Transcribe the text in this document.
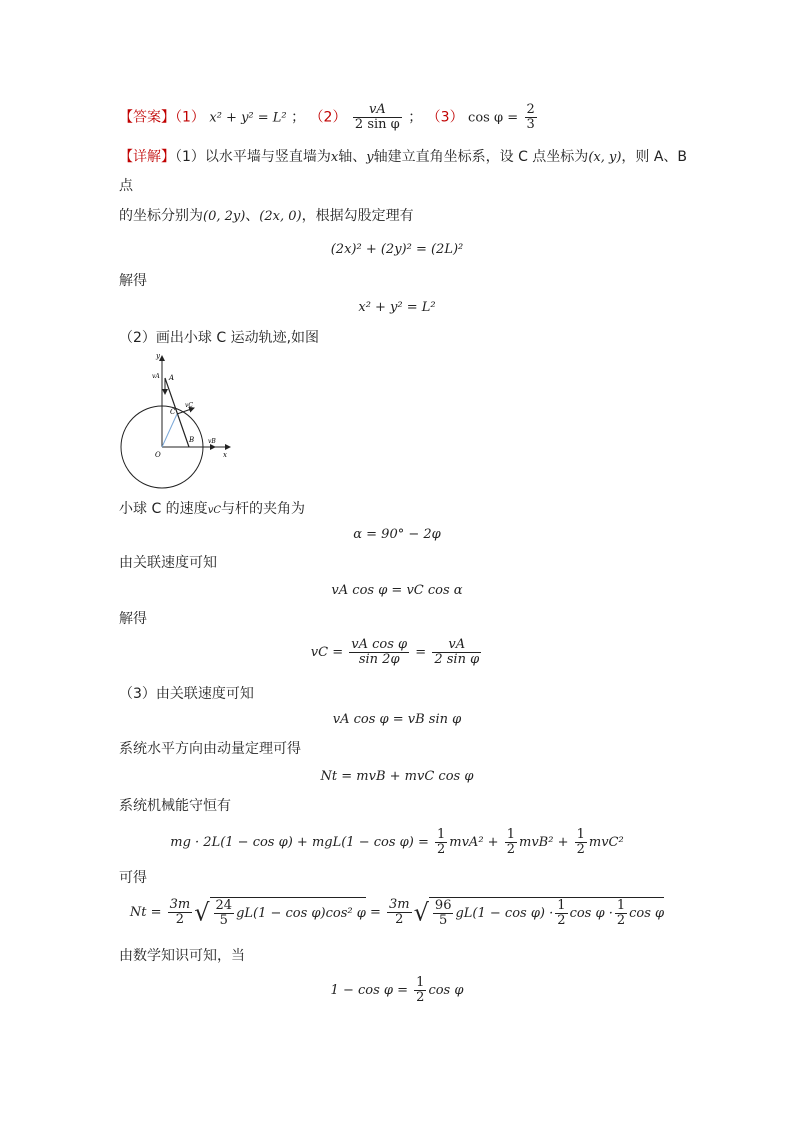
【答案】（1） x² + y² = L² ； $(2) \frac{vA}{\text{2 sin φ}}$ ； （3） $\cos \varphi = \frac{2}{3}$
【详解】（1）以水平墙与竖直墙为x轴、y轴建立直角坐标系，设 C 点坐标为(x, y)，则 A、B
点
的坐标分别为(0, 2y)、(2x, 0)，根据勾股定理有
(2x)² + (2y)² = (2L)²
解得
x² + y² = L²
（2）画出小球 C 运动轨迹,如图
y
x
O
A
B
C
vA
vB
vC
小球 C 的速度vC与杆的夹角为
α = 90° − 2φ
由关联速度可知
vA cos φ = vC cos α
解得
vC = $\frac{\text{vA cos φ}}{\sin 2\varphi} = \frac{vA}{\text{2 sin φ}}$
（3）由关联速度可知
vA cos φ = vB sin φ
系统水平方向由动量定理可得
Nt = mvB + mvC cos φ
系统机械能守恒有
mg · $2L(1 - \cos \varphi) + mgL(1 - \cos \varphi) = \frac{1}{2} mvA^2 + \frac{1}{2} mvB^2 + \frac{1}{2} mvC^2$
可得
$Nt = \frac{3m}{2}$ √ $\frac{24}{5} gL(1 - \cos \varphi)\cos^2$ $\varphi = \frac{3m}{2}$ √ $\frac{96}{5} gL(1 - \cos \varphi) \cdot \frac{1}{2}$ $\cos \varphi \cdot \frac{1}{2}$ cos φ
由数学知识可知，当
$1 - \cos \varphi = \frac{1}{2}$ cos φ
